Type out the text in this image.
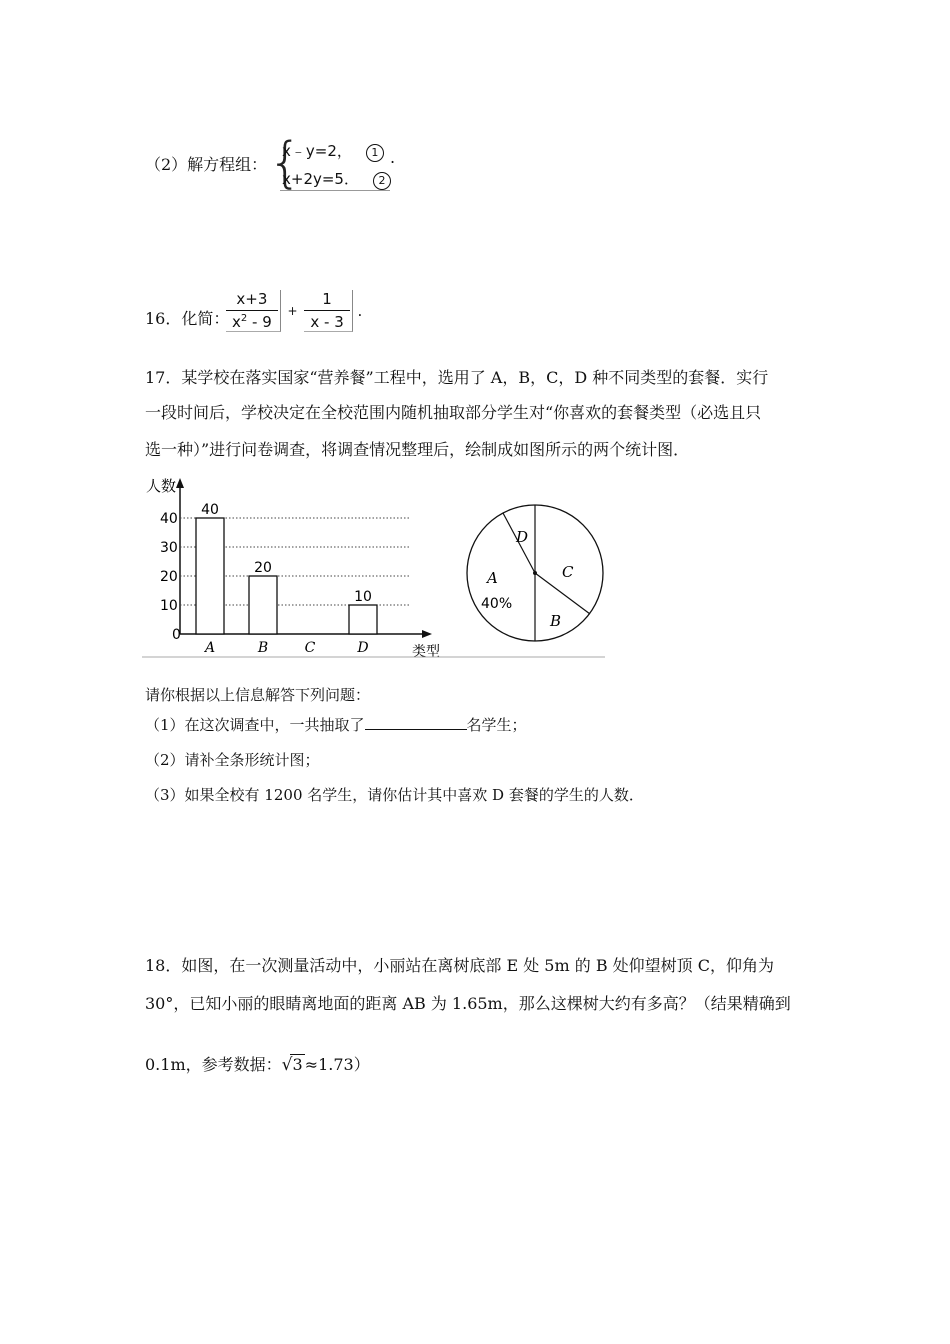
（2）解方程组： {
x﹣y=2， 1
x+2y=5． 2
.
16．化简：
$\frac{x+3}{x^2 - 9} + \frac{1}{x - 3}$ .
17．某学校在落实国家“营养餐”工程中，选用了 A，B，C，D 种不同类型的套餐．实行
一段时间后，学校决定在全校范围内随机抽取部分学生对“你喜欢的套餐类型（必选且只
选一种）”进行问卷调查，将调查情况整理后，绘制成如图所示的两个统计图．
人数
类型
0
10
20
30
40
40
20
10
A	B	C	D
D
C
B
A
40%
请你根据以上信息解答下列问题：
（1）在这次调查中，一共抽取了	名学生；
（2）请补全条形统计图；
（3）如果全校有 1200 名学生，请你估计其中喜欢 D 套餐的学生的人数．
18．如图，在一次测量活动中，小丽站在离树底部 E 处 5m 的 B 处仰望树顶 C，仰角为
30°，已知小丽的眼睛离地面的距离 AB 为 1.65m，那么这棵树大约有多高？（结果精确到
0.1m，参考数据：√3 ≈1.73）
